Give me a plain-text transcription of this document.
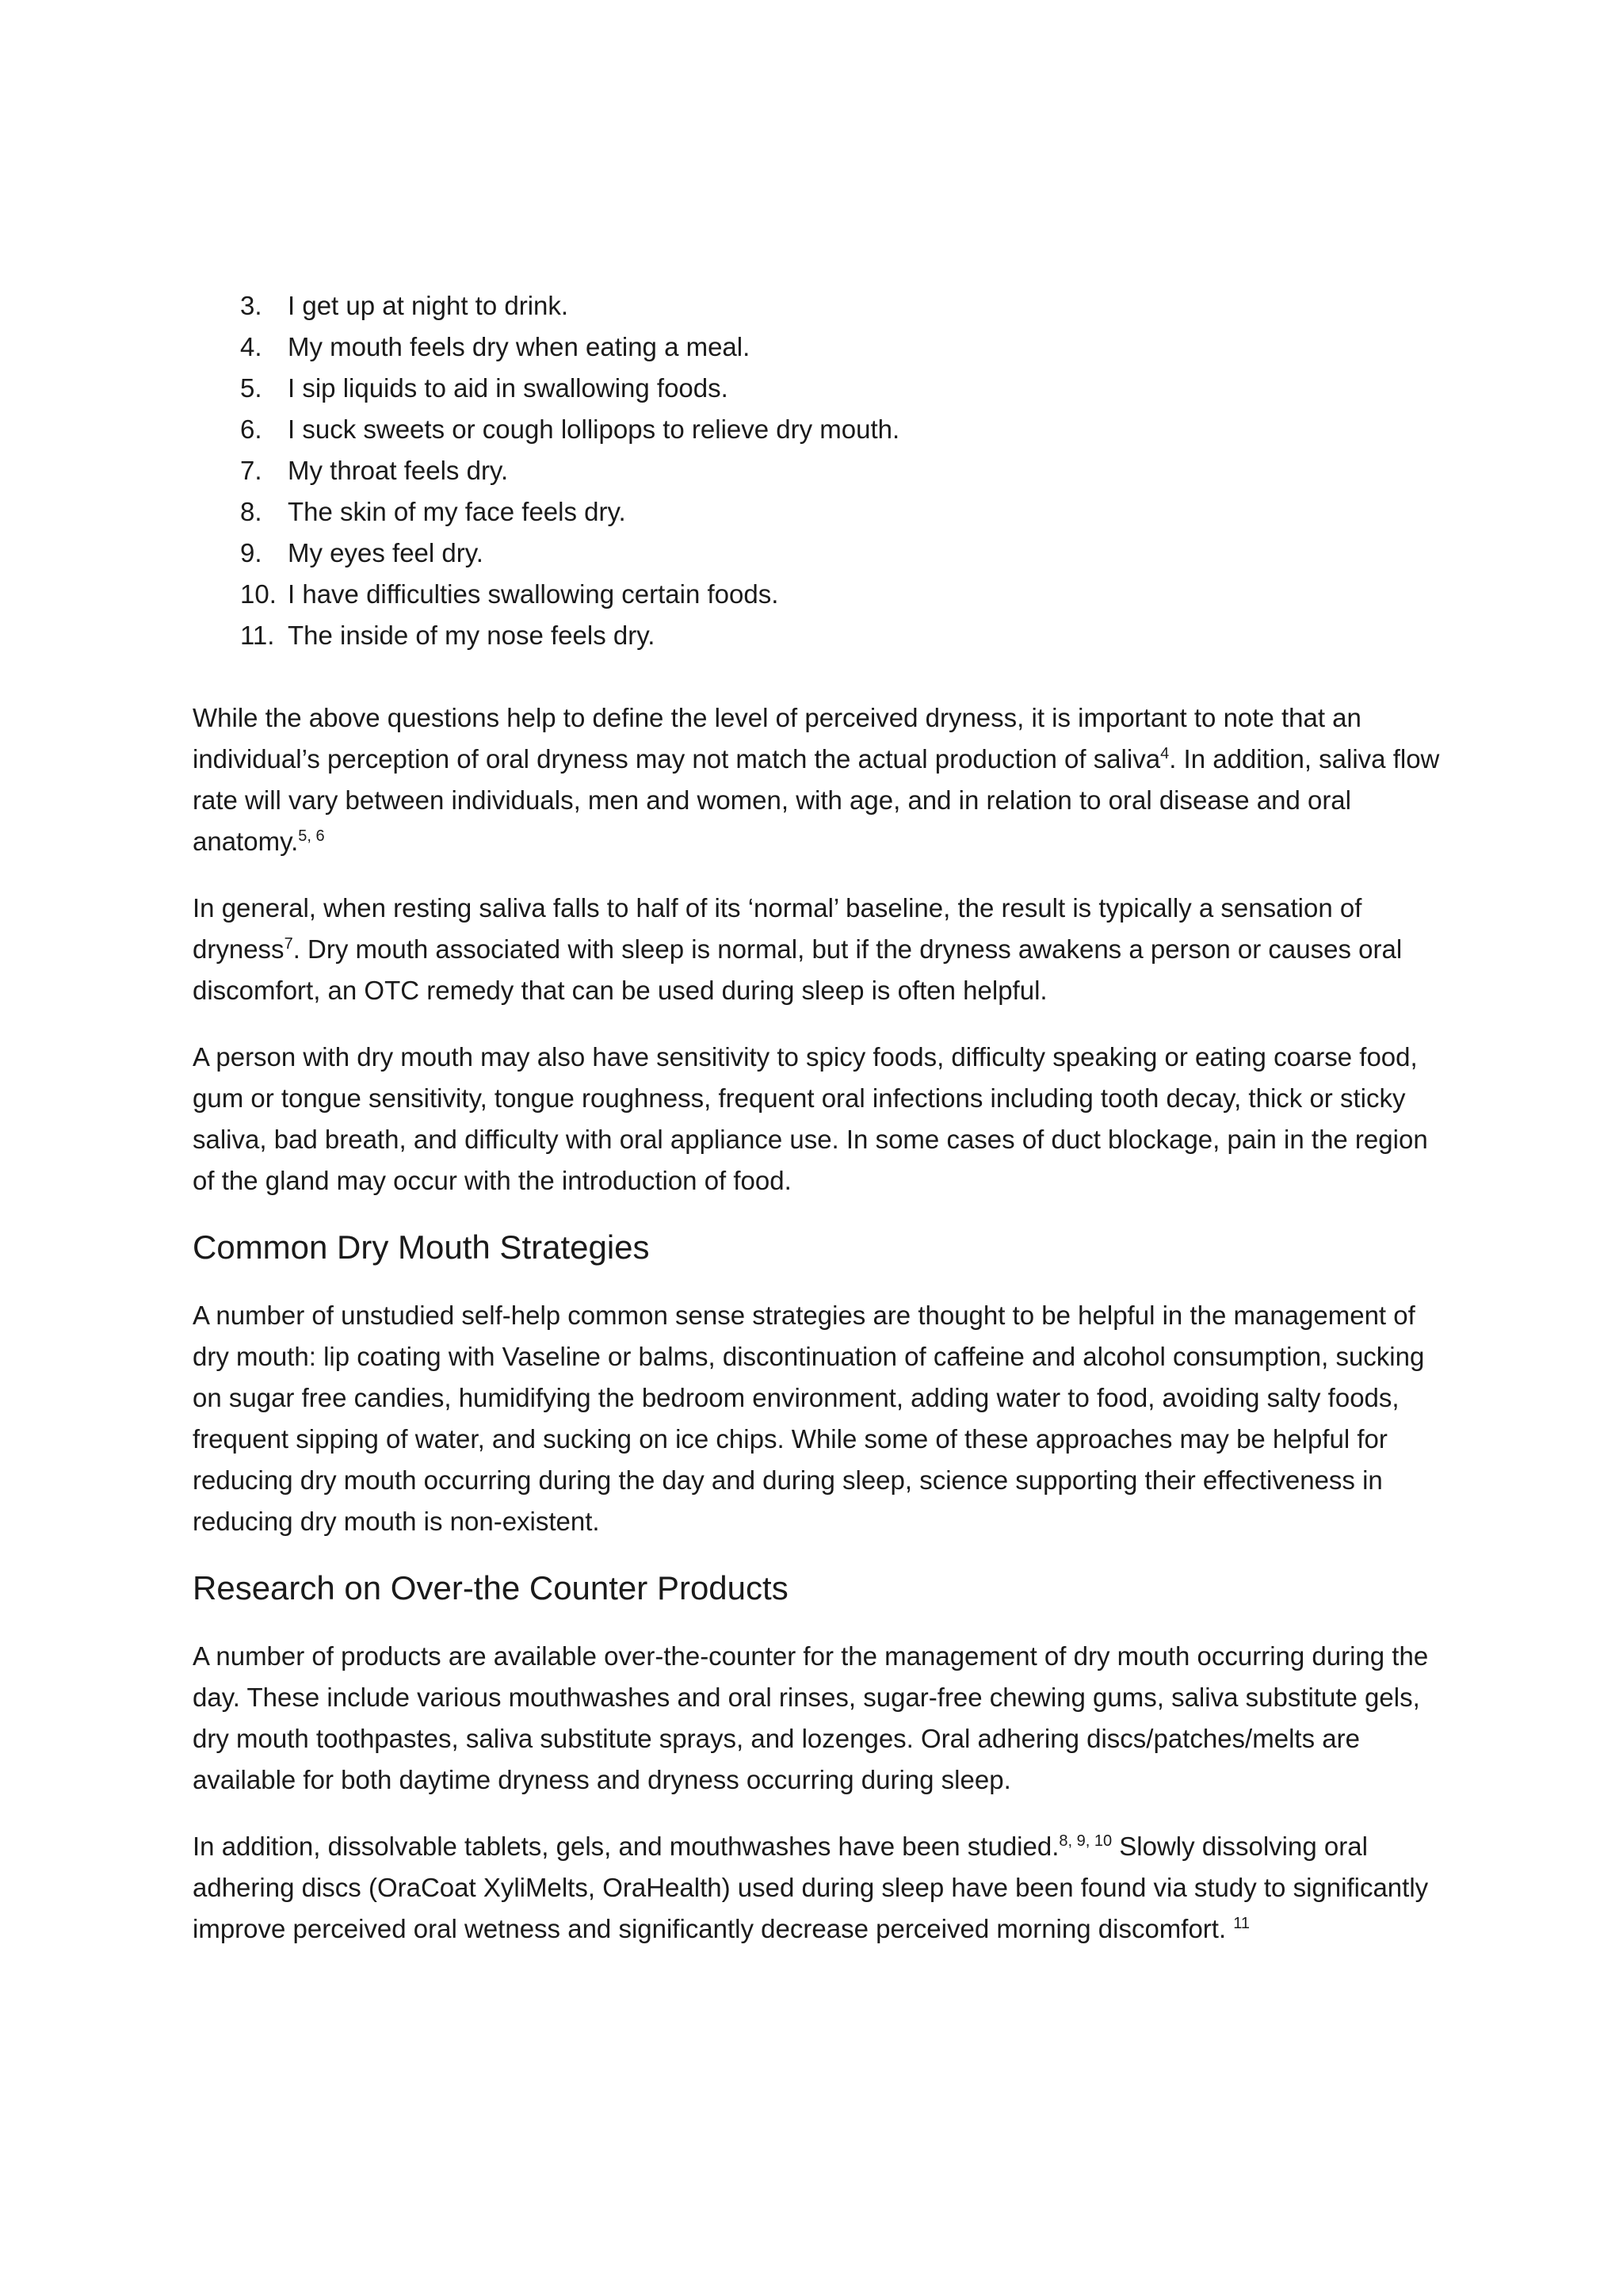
3. I get up at night to drink.
4. My mouth feels dry when eating a meal.
5. I sip liquids to aid in swallowing foods.
6. I suck sweets or cough lollipops to relieve dry mouth.
7. My throat feels dry.
8. The skin of my face feels dry.
9. My eyes feel dry.
10. I have difficulties swallowing certain foods.
11. The inside of my nose feels dry.

While the above questions help to define the level of perceived dryness, it is important to note that an individual’s perception of oral dryness may not match the actual production of saliva$^4$. In addition, saliva flow rate will vary between individuals, men and women, with age, and in relation to oral disease and oral anatomy.$^{5, 6}$

In general, when resting saliva falls to half of its ‘normal’ baseline, the result is typically a sensation of dryness$^7$. Dry mouth associated with sleep is normal, but if the dryness awakens a person or causes oral discomfort, an OTC remedy that can be used during sleep is often helpful.

A person with dry mouth may also have sensitivity to spicy foods, difficulty speaking or eating coarse food, gum or tongue sensitivity, tongue roughness, frequent oral infections including tooth decay, thick or sticky saliva, bad breath, and difficulty with oral appliance use. In some cases of duct blockage, pain in the region of the gland may occur with the introduction of food.

Common Dry Mouth Strategies

A number of unstudied self-help common sense strategies are thought to be helpful in the management of dry mouth: lip coating with Vaseline or balms, discontinuation of caffeine and alcohol consumption, sucking on sugar free candies, humidifying the bedroom environment, adding water to food, avoiding salty foods, frequent sipping of water, and sucking on ice chips. While some of these approaches may be helpful for reducing dry mouth occurring during the day and during sleep, science supporting their effectiveness in reducing dry mouth is non-existent.

Research on Over-the Counter Products

A number of products are available over-the-counter for the management of dry mouth occurring during the day. These include various mouthwashes and oral rinses, sugar-free chewing gums, saliva substitute gels, dry mouth toothpastes, saliva substitute sprays, and lozenges. Oral adhering discs/patches/melts are available for both daytime dryness and dryness occurring during sleep.

In addition, dissolvable tablets, gels, and mouthwashes have been studied.$^{8, 9, 10}$ Slowly dissolving oral adhering discs (OraCoat XyliMelts, OraHealth) used during sleep have been found via study to significantly improve perceived oral wetness and significantly decrease perceived morning discomfort. $^{11}$
